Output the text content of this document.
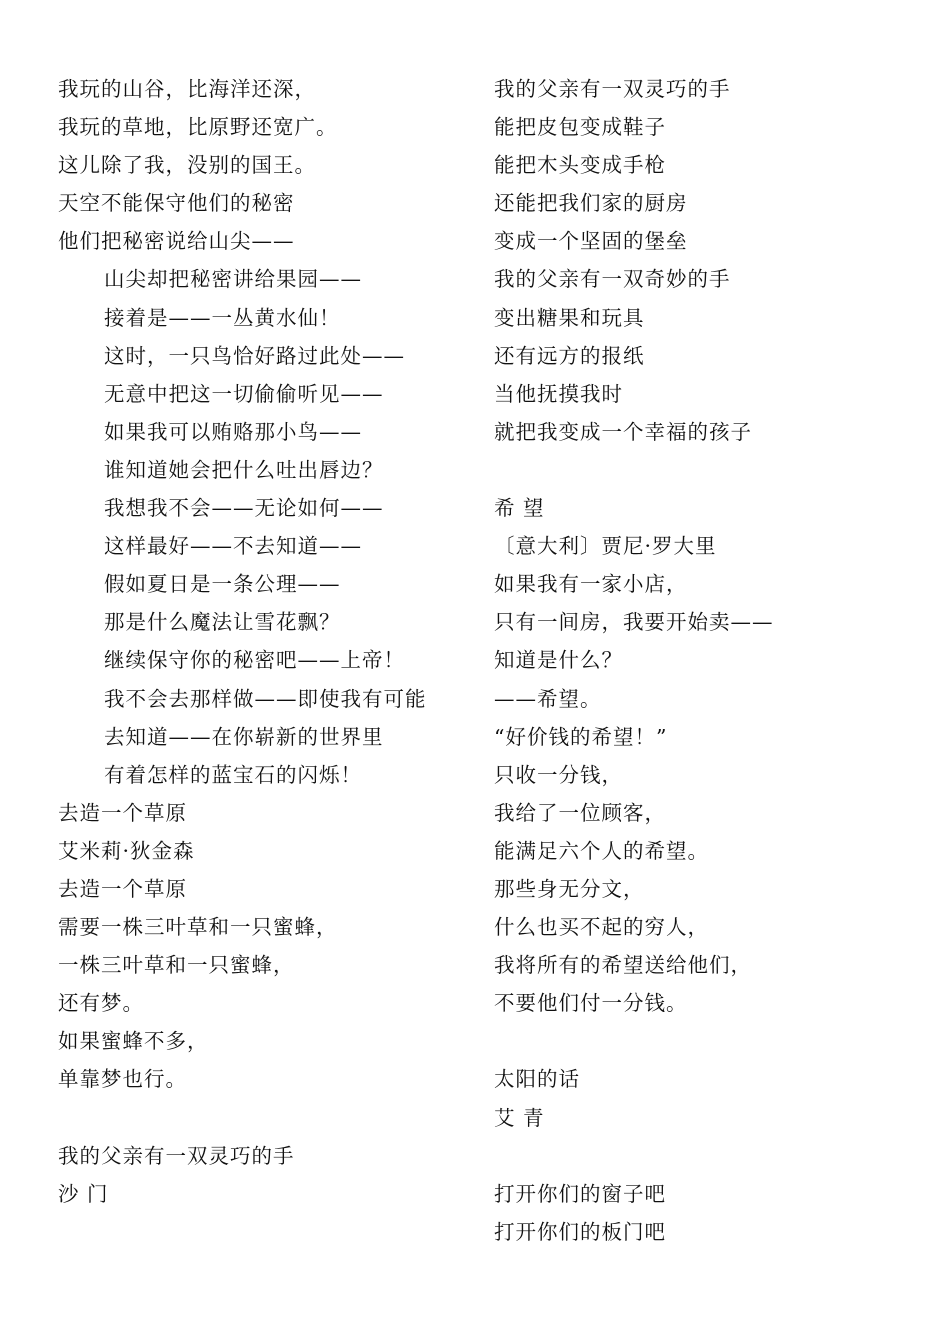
我玩的山谷，比海洋还深，
我玩的草地，比原野还宽广。
这儿除了我，没别的国王。
天空不能保守他们的秘密
他们把秘密说给山尖——
山尖却把秘密讲给果园——
接着是——一丛黄水仙！
这时，一只鸟恰好路过此处——
无意中把这一切偷偷听见——
如果我可以贿赂那小鸟——
谁知道她会把什么吐出唇边？
我想我不会——无论如何——
这样最好——不去知道——
假如夏日是一条公理——
那是什么魔法让雪花飘？
继续保守你的秘密吧——上帝！
我不会去那样做——即使我有可能
去知道——在你崭新的世界里
有着怎样的蓝宝石的闪烁！
去造一个草原
艾米莉·狄金森
去造一个草原
需要一株三叶草和一只蜜蜂，
一株三叶草和一只蜜蜂，
还有梦。
如果蜜蜂不多，
单靠梦也行。
我的父亲有一双灵巧的手
沙 门
我的父亲有一双灵巧的手
能把皮包变成鞋子
能把木头变成手枪
还能把我们家的厨房
变成一个坚固的堡垒
我的父亲有一双奇妙的手
变出糖果和玩具
还有远方的报纸
当他抚摸我时
就把我变成一个幸福的孩子
希 望
〔意大利〕贾尼·罗大里
如果我有一家小店，
只有一间房，我要开始卖——
知道是什么？
——希望。
“好价钱的希望！”
只收一分钱，
我给了一位顾客，
能满足六个人的希望。
那些身无分文，
什么也买不起的穷人，
我将所有的希望送给他们，
不要他们付一分钱。
太阳的话
艾 青
打开你们的窗子吧
打开你们的板门吧
